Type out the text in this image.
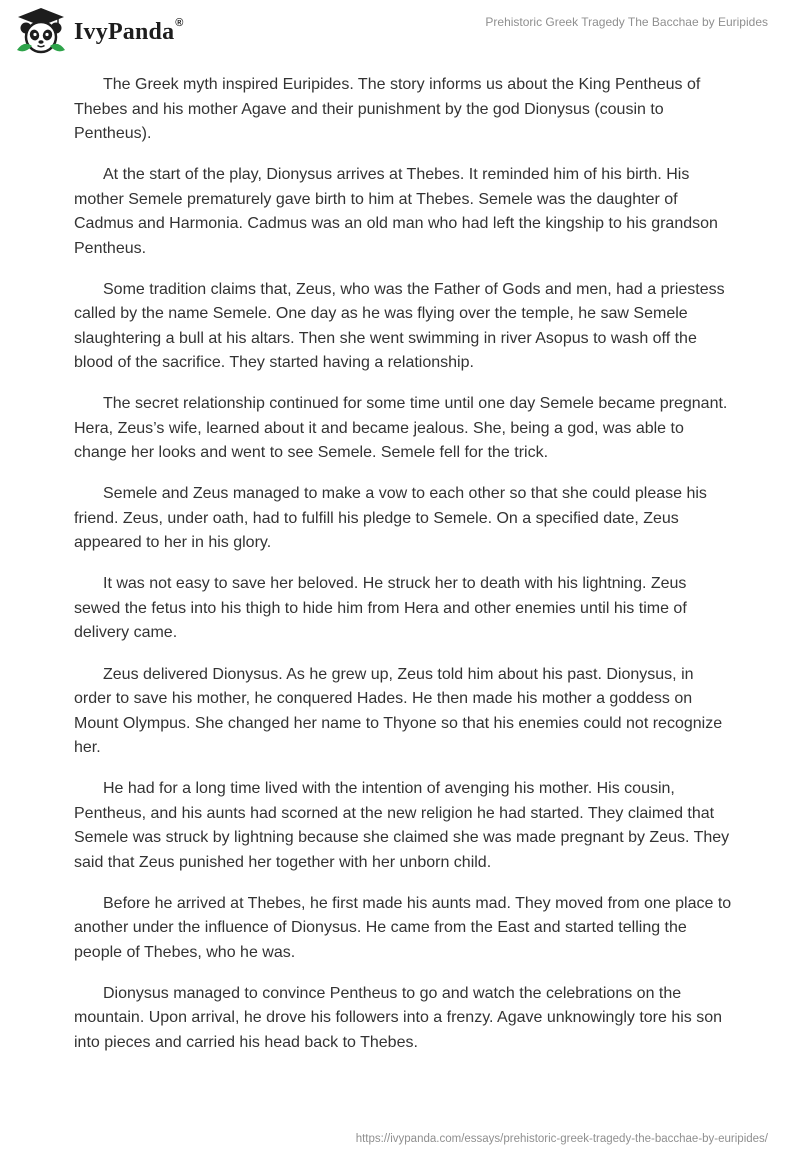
IvyPanda®	Prehistoric Greek Tragedy The Bacchae by Euripides

The Greek myth inspired Euripides. The story informs us about the King Pentheus of Thebes and his mother Agave and their punishment by the god Dionysus (cousin to Pentheus).

At the start of the play, Dionysus arrives at Thebes. It reminded him of his birth. His mother Semele prematurely gave birth to him at Thebes. Semele was the daughter of Cadmus and Harmonia. Cadmus was an old man who had left the kingship to his grandson Pentheus.

Some tradition claims that, Zeus, who was the Father of Gods and men, had a priestess called by the name Semele. One day as he was flying over the temple, he saw Semele slaughtering a bull at his altars. Then she went swimming in river Asopus to wash off the blood of the sacrifice. They started having a relationship.

The secret relationship continued for some time until one day Semele became pregnant. Hera, Zeus’s wife, learned about it and became jealous. She, being a god, was able to change her looks and went to see Semele. Semele fell for the trick.

Semele and Zeus managed to make a vow to each other so that she could please his friend. Zeus, under oath, had to fulfill his pledge to Semele. On a specified date, Zeus appeared to her in his glory.

It was not easy to save her beloved. He struck her to death with his lightning. Zeus sewed the fetus into his thigh to hide him from Hera and other enemies until his time of delivery came.

Zeus delivered Dionysus. As he grew up, Zeus told him about his past. Dionysus, in order to save his mother, he conquered Hades. He then made his mother a goddess on Mount Olympus. She changed her name to Thyone so that his enemies could not recognize her.

He had for a long time lived with the intention of avenging his mother. His cousin, Pentheus, and his aunts had scorned at the new religion he had started. They claimed that Semele was struck by lightning because she claimed she was made pregnant by Zeus. They said that Zeus punished her together with her unborn child.

Before he arrived at Thebes, he first made his aunts mad. They moved from one place to another under the influence of Dionysus. He came from the East and started telling the people of Thebes, who he was.

Dionysus managed to convince Pentheus to go and watch the celebrations on the mountain. Upon arrival, he drove his followers into a frenzy. Agave unknowingly tore his son into pieces and carried his head back to Thebes.

https://ivypanda.com/essays/prehistoric-greek-tragedy-the-bacchae-by-euripides/
